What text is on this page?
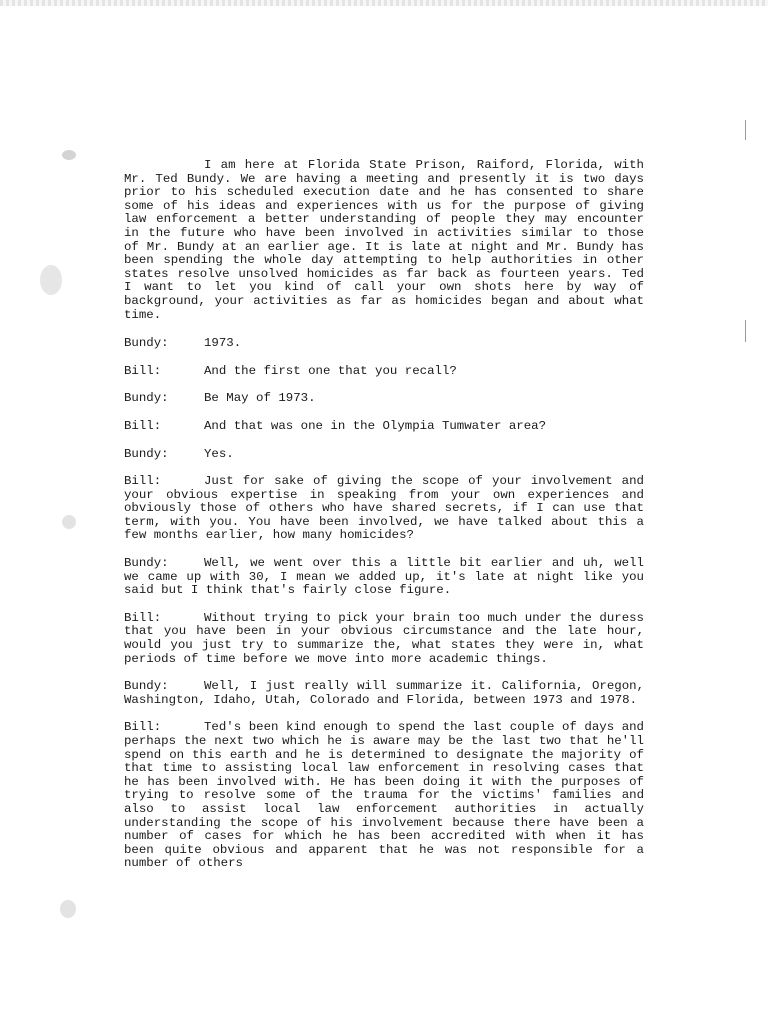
I am here at Florida State Prison, Raiford, Florida, with Mr. Ted Bundy. We are having a meeting and presently it is two days prior to his scheduled execution date and he has consented to share some of his ideas and experiences with us for the purpose of giving law enforcement a better understanding of people they may encounter in the future who have been involved in activities similar to those of Mr. Bundy at an earlier age. It is late at night and Mr. Bundy has been spending the whole day attempting to help authorities in other states resolve unsolved homicides as far back as fourteen years. Ted I want to let you kind of call your own shots here by way of background, your activities as far as homicides began and about what time.

Bundy:	1973.
Bill:	And the first one that you recall?
Bundy:	Be May of 1973.
Bill:	And that was one in the Olympia Tumwater area?
Bundy:	Yes.

Bill:	Just for sake of giving the scope of your involvement and your obvious expertise in speaking from your own experiences and obviously those of others who have shared secrets, if I can use that term, with you. You have been involved, we have talked about this a few months earlier, how many homicides?

Bundy:	Well, we went over this a little bit earlier and uh, well we came up with 30, I mean we added up, it's late at night like you said but I think that's fairly close figure.

Bill:	Without trying to pick your brain too much under the duress that you have been in your obvious circumstance and the late hour, would you just try to summarize the, what states they were in, what periods of time before we move into more academic things.

Bundy:	Well, I just really will summarize it. California, Oregon, Washington, Idaho, Utah, Colorado and Florida, between 1973 and 1978.

Bill:	Ted's been kind enough to spend the last couple of days and perhaps the next two which he is aware may be the last two that he'll spend on this earth and he is determined to designate the majority of that time to assisting local law enforcement in resolving cases that he has been involved with. He has been doing it with the purposes of trying to resolve some of the trauma for the victims' families and also to assist local law enforcement authorities in actually understanding the scope of his involvement because there have been a number of cases for which he has been accredited with when it has been quite obvious and apparent that he was not responsible for a number of others
